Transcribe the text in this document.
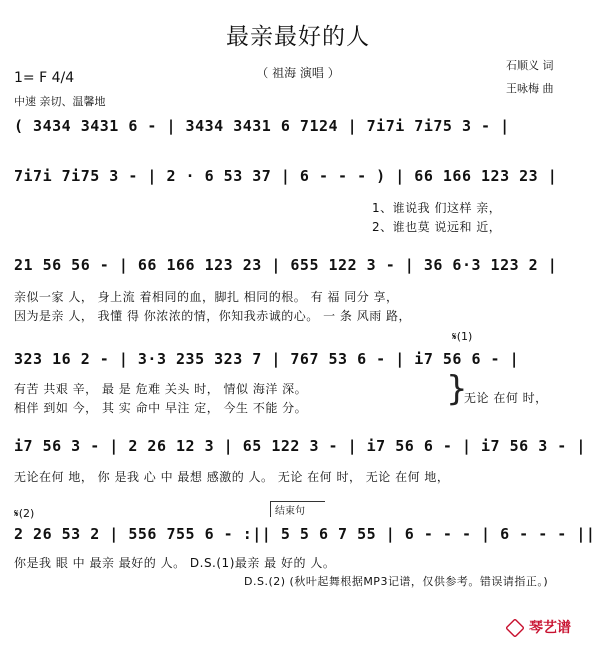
最亲最好的人
（ 祖海 演唱 ）
石顺义 词
王咏梅 曲
1= F 4/4
中速 亲切、温馨地
( 3434 3431 6 - | 3434 3431 6 7124 | 7i7i 7i75 3 - |
7i7i 7i75 3 - | 2 · 6 53 37 | 6 - - - ) | 66 166 123 23 |
1、谁说我 们这样 亲，
2、谁也莫 说远和 近，
21 56 56 - | 66 166 123 23 | 655 122 3 - | 36 6·3 123 2 |
亲似一家 人， 身上流 着相同的血，脚扎 相同的根。 有 福 同分 享，
因为是亲 人， 我懂 得 你浓浓的情，你知我赤诚的心。 一 条 风雨 路，
𝄋(1)
323 16 2 - | 3·3 235 323 7 | 767 53 6 - | i7 56 6 - |
有苦 共艰 辛， 最 是 危难 关头 时， 情似 海洋 深。
相伴 到如 今， 其 实 命中 早注 定， 今生 不能 分。	}
无论 在何 时，
i7 56 3 - | 2 26 12 3 | 65 122 3 - | i7 56 6 - | i7 56 3 - |
无论在何 地， 你 是我 心 中 最想 感激的 人。 无论 在何 时， 无论 在何 地，
𝄋(2)	结束句
2 26 53 2 | 556 755 6 - :|| 5 5 6 7 55 | 6 - - - | 6 - - - ||
你是我 眼 中 最亲 最好的 人。 D.S.(1)最亲 最 好的 人。
D.S.(2) (秋叶起舞根据MP3记谱，仅供参考。错误请指正。)
琴艺谱
